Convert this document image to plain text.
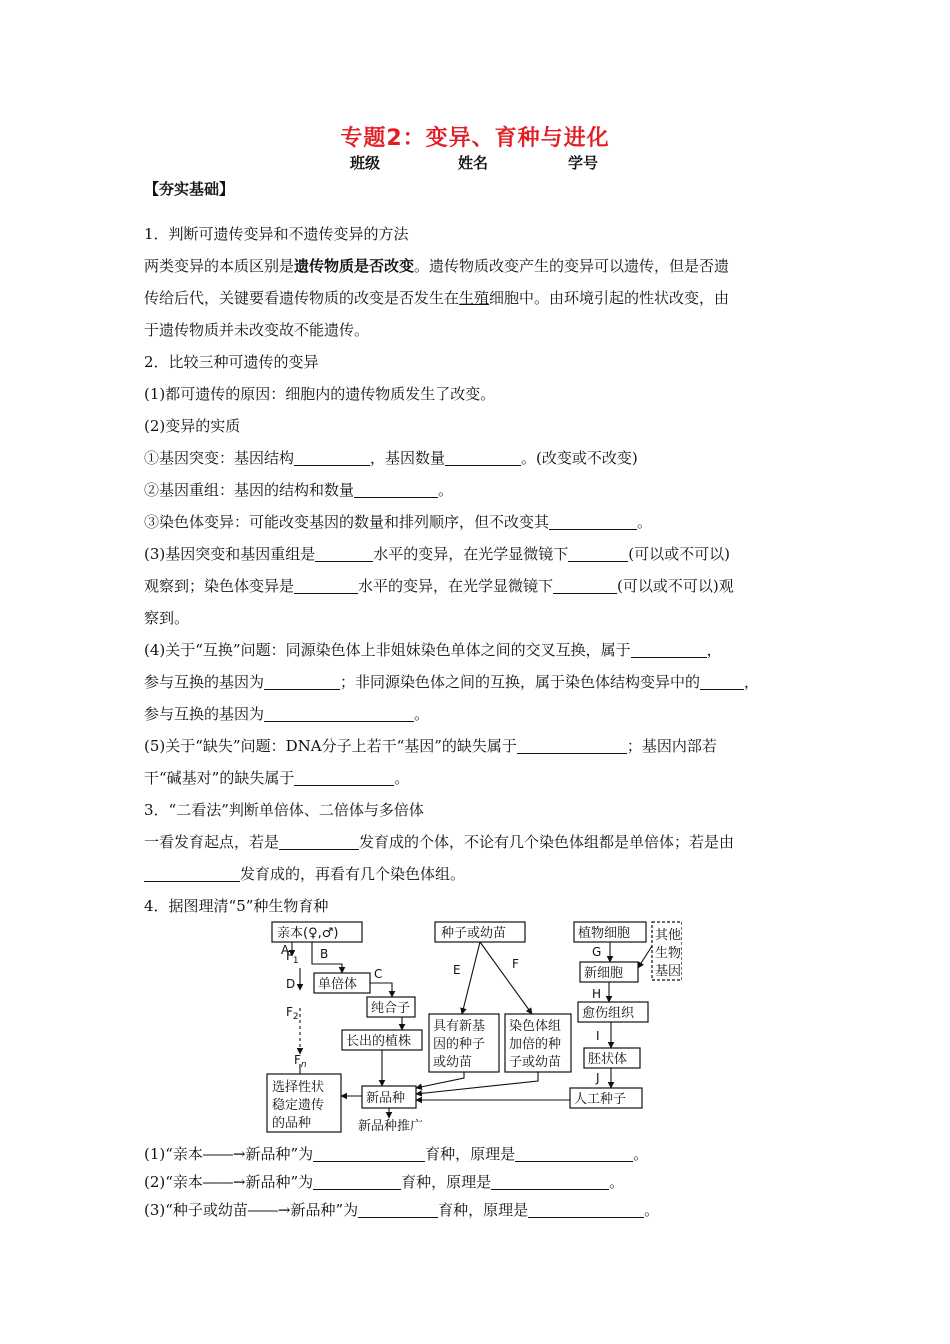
专题2：变异、育种与进化
班级	姓名	学号
【夯实基础】

1．判断可遗传变异和不遗传变异的方法

两类变异的本质区别是遗传物质是否改变。遗传物质改变产生的变异可以遗传，但是否遗

传给后代，关键要看遗传物质的改变是否发生在生殖细胞中。由环境引起的性状改变，由

于遗传物质并未改变故不能遗传。

2．比较三种可遗传的变异

(1)都可遗传的原因：细胞内的遗传物质发生了改变。

(2)变异的实质

①基因突变：基因结构	，基因数量	。(改变或不改变)

②基因重组：基因的结构和数量	。

③染色体变异：可能改变基因的数量和排列顺序，但不改变其	。

(3)基因突变和基因重组是	水平的变异，在光学显微镜下	(可以或不可以)

观察到；染色体变异是	水平的变异，在光学显微镜下	(可以或不可以)观

察到。

(4)关于“互换”问题：同源染色体上非姐妹染色单体之间的交叉互换，属于	，

参与互换的基因为	；非同源染色体之间的互换，属于染色体结构变异中的	，

参与互换的基因为	。

(5)关于“缺失”问题：DNA分子上若干“基因”的缺失属于	；基因内部若

干“碱基对”的缺失属于	。

3．“二看法”判断单倍体、二倍体与多倍体

一看发育起点，若是	发育成的个体，不论有几个染色体组都是单倍体；若是由

发育成的，再看有几个染色体组。

4．据图理清“5”种生物育种

亲本(♀,♂)
$F_1$
$F_2$
$F_n$
单倍体
纯合子
长出的植株
选择性状
稳定遗传
的品种
新品种
新品种推广
种子或幼苗
具有新基
因的种子
或幼苗
染色体组
加倍的种
子或幼苗
植物细胞 其他
生物
基因
新细胞
愈伤组织
胚状体
人工种子
A	B
C
D
E	F
G
H
I
J

(1)“亲本――→新品种”为	育种，原理是	。

(2)“亲本――→新品种”为	育种，原理是	。

(3)“种子或幼苗――→新品种”为	育种，原理是	。
